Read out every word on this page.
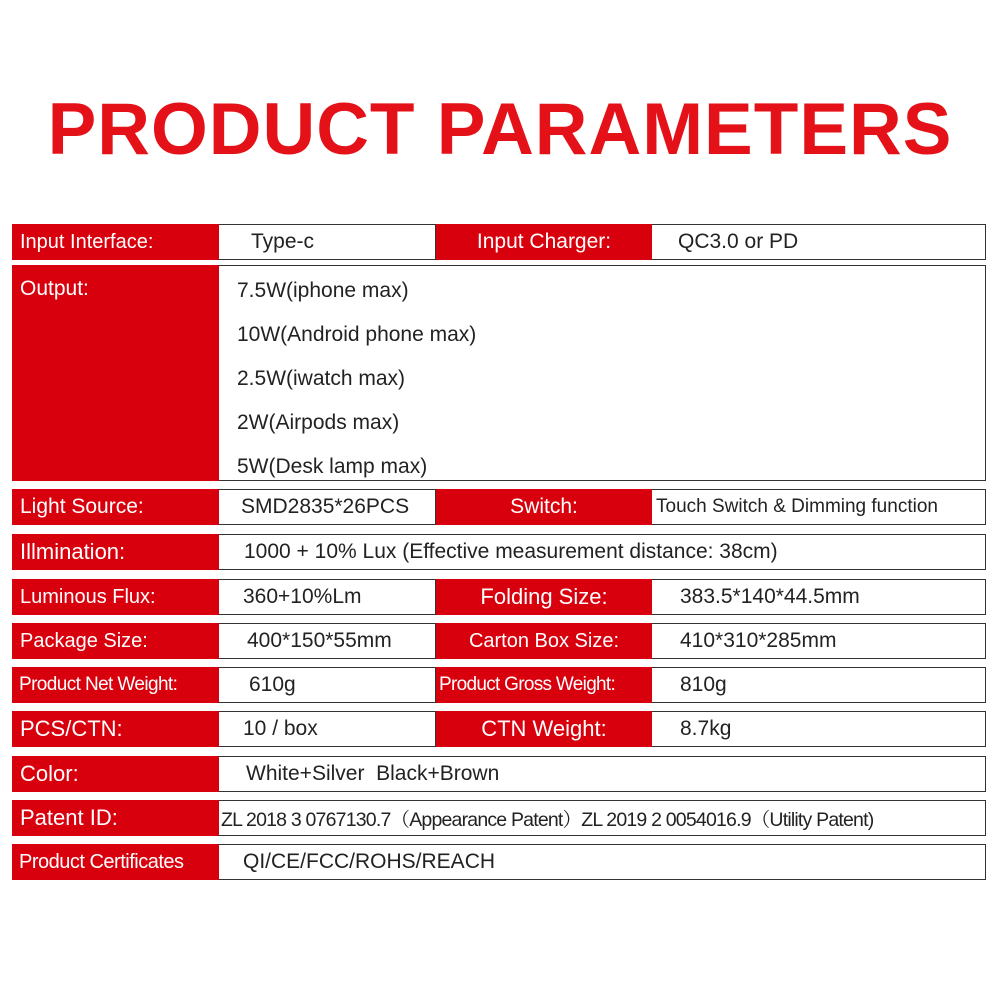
PRODUCT PARAMETERS
Input Interface:	Type-c	Input Charger:	QC3.0 or PD
Output:	7.5W(iphone max)
10W(Android phone max)
2.5W(iwatch max)
2W(Airpods max)
5W(Desk lamp max)
Light Source:	SMD2835*26PCS	Switch:	Touch Switch & Dimming function
Illmination:	1000 + 10% Lux (Effective measurement distance: 38cm)
Luminous Flux:	360+10%Lm	Folding Size:	383.5*140*44.5mm
Package Size:	400*150*55mm	Carton Box Size:	410*310*285mm
Product Net Weight:	610g	Product Gross Weight:	810g
PCS/CTN:	10 / box	CTN Weight:	8.7kg
Color:	White+Silver  Black+Brown
Patent ID:	ZL 2018 3 0767130.7（Appearance Patent）ZL 2019 2 0054016.9（Utility Patent)
Product Certificates	QI/CE/FCC/ROHS/REACH
